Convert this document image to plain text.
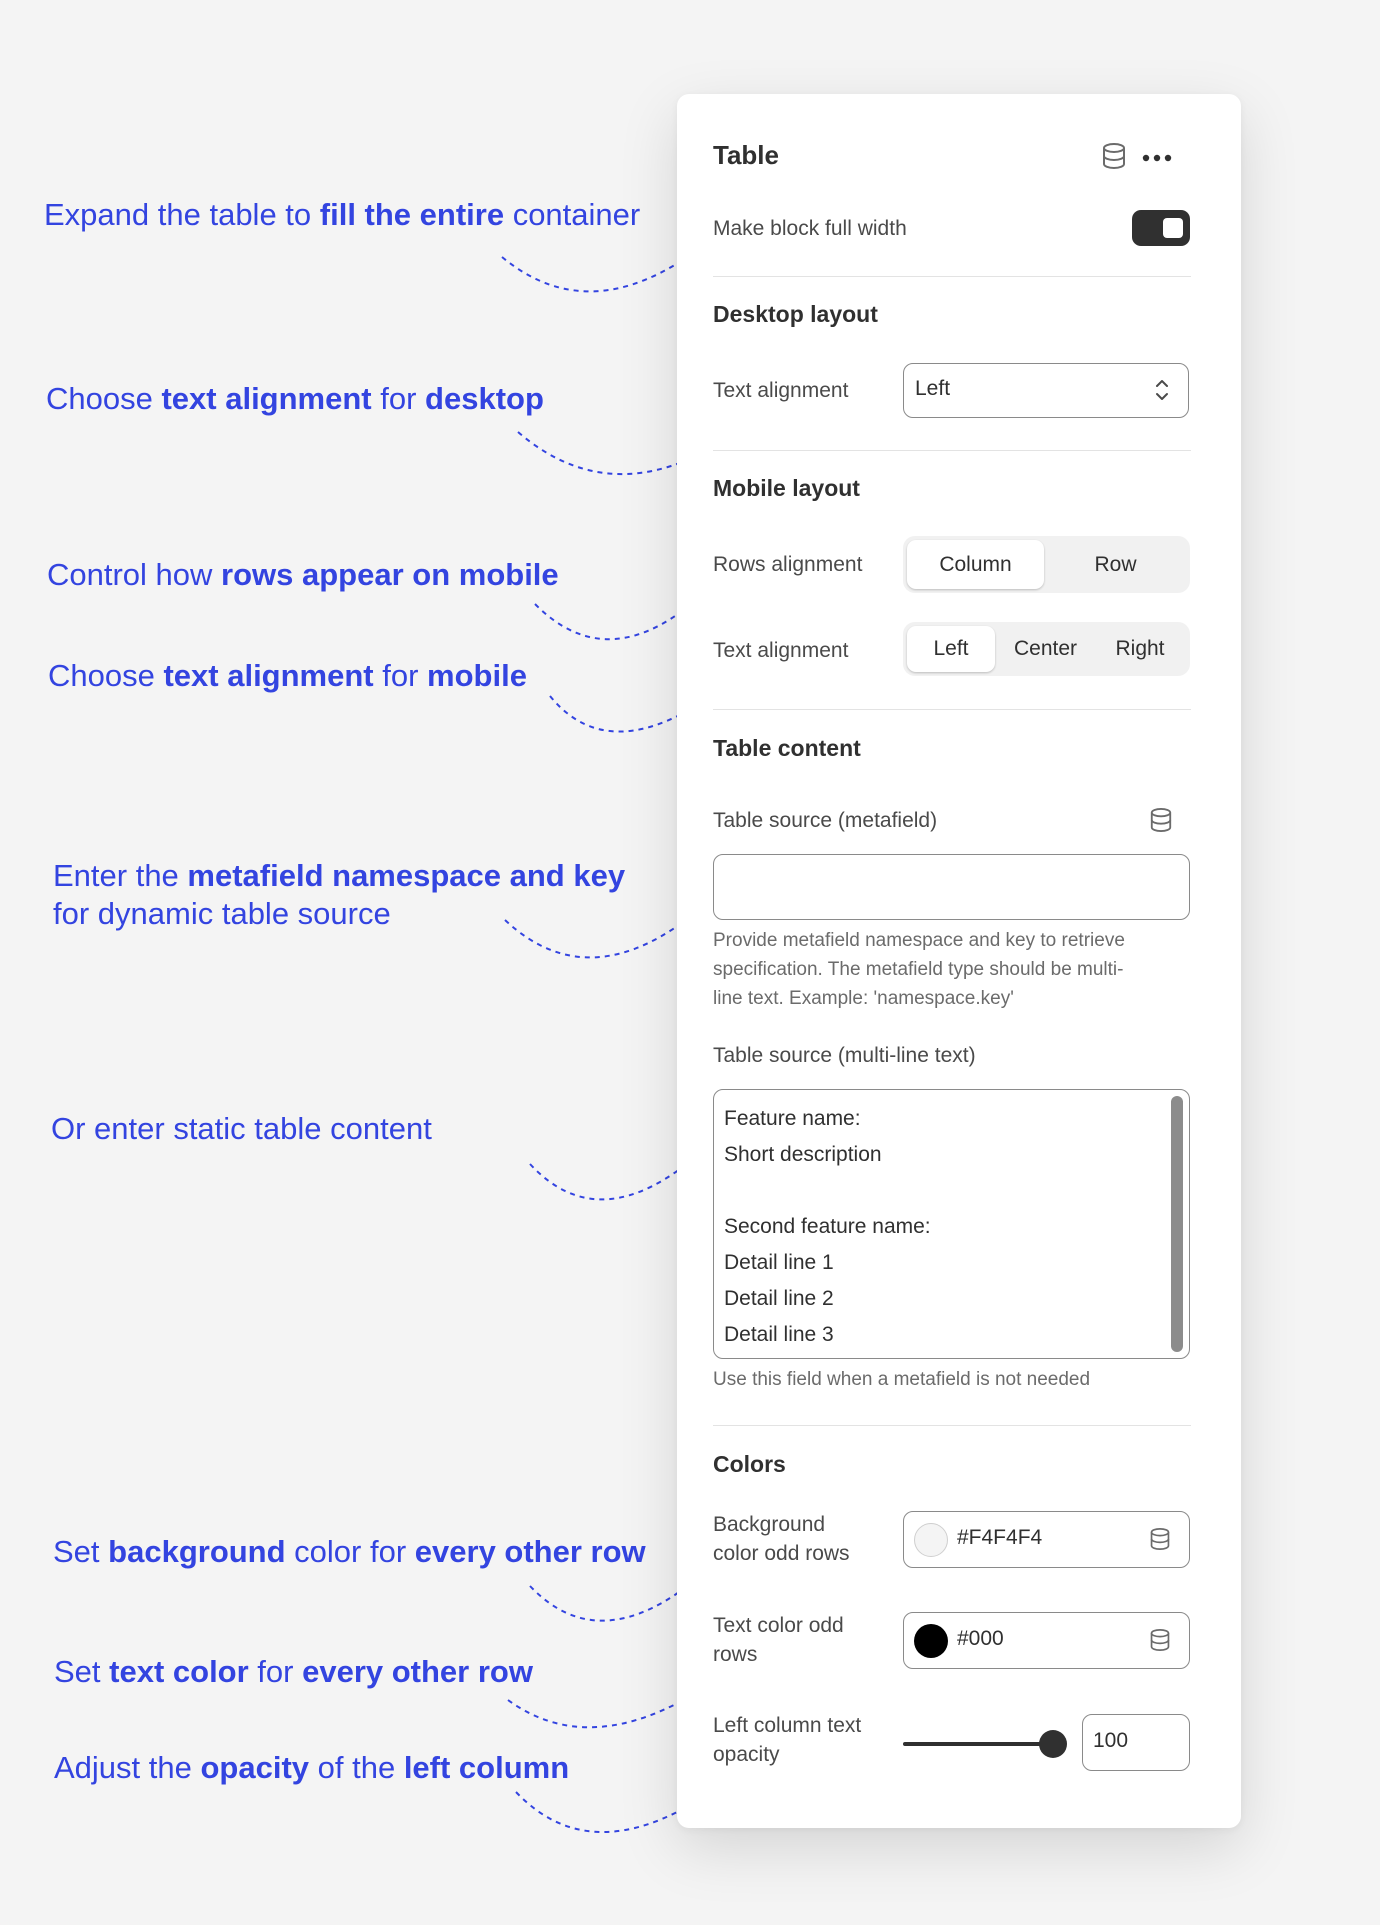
Expand the table to fill the entire container
Choose text alignment for desktop
Control how rows appear on mobile
Choose text alignment for mobile
Enter the metafield namespace and key
for dynamic table source
Or enter static table content
Set background color for every other row
Set text color for every other row
Adjust the opacity of the left column
Table
Make block full width
Desktop layout
Text alignment	Left
Mobile layout
Rows alignment	Column	Row
Text alignment	Left	Center	Right
Table content
Table source (metafield)
Provide metafield namespace and key to retrieve
specification. The metafield type should be multi-
line text. Example: 'namespace.key'
Table source (multi-line text)
Feature name:
Short description

Second feature name:
Detail line 1
Detail line 2
Detail line 3
Use this field when a metafield is not needed
Colors
Background
color odd rows
#F4F4F4
Text color odd
rows
#000
Left column text
opacity
100
